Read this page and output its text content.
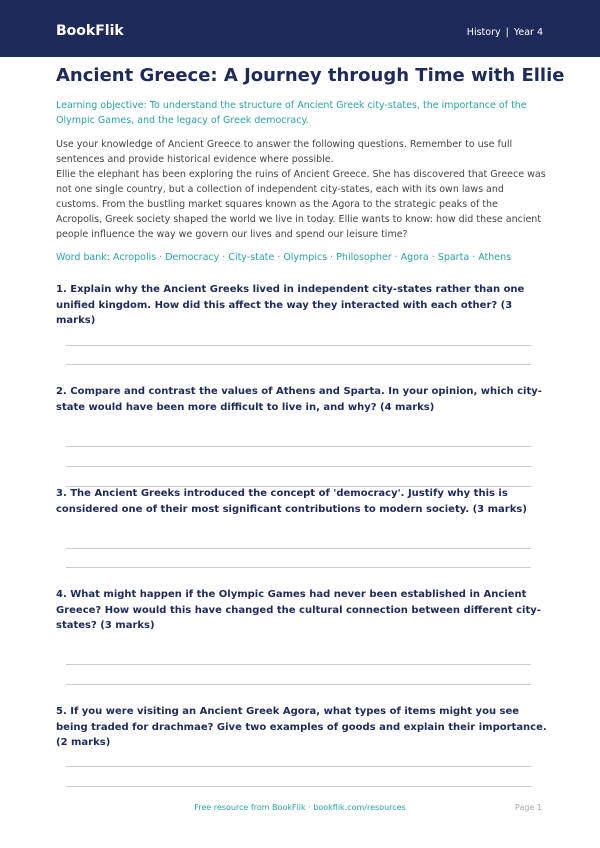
BookFlik	History | Year 4
Ancient Greece: A Journey through Time with Ellie
Learning objective: To understand the structure of Ancient Greek city-states, the importance of the Olympic Games, and the legacy of Greek democracy.
Use your knowledge of Ancient Greece to answer the following questions. Remember to use full sentences and provide historical evidence where possible.
Ellie the elephant has been exploring the ruins of Ancient Greece. She has discovered that Greece was not one single country, but a collection of independent city-states, each with its own laws and customs. From the bustling market squares known as the Agora to the strategic peaks of the Acropolis, Greek society shaped the world we live in today. Ellie wants to know: how did these ancient people influence the way we govern our lives and spend our leisure time?
Word bank: Acropolis · Democracy · City-state · Olympics · Philosopher · Agora · Sparta · Athens
1. Explain why the Ancient Greeks lived in independent city-states rather than one unified kingdom. How did this affect the way they interacted with each other? (3 marks)
2. Compare and contrast the values of Athens and Sparta. In your opinion, which city-state would have been more difficult to live in, and why? (4 marks)
3. The Ancient Greeks introduced the concept of 'democracy'. Justify why this is considered one of their most significant contributions to modern society. (3 marks)
4. What might happen if the Olympic Games had never been established in Ancient Greece? How would this have changed the cultural connection between different city-states? (3 marks)
5. If you were visiting an Ancient Greek Agora, what types of items might you see being traded for drachmae? Give two examples of goods and explain their importance. (2 marks)
Free resource from BookFlik · bookflik.com/resources	Page 1
